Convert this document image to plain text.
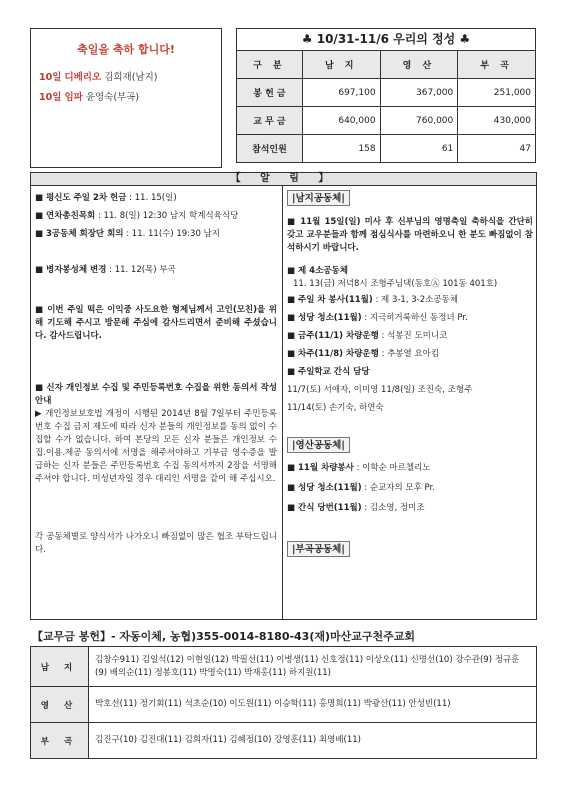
축일을 축하 합니다!
10일 디베리오 김희재(남지)
10일 임파 윤영숙(부곡)
♣ 10/31-11/6 우리의 정성 ♣
구 분	남 지	영 산	부 곡
봉 헌 금	697,100	367,000	251,000
교 무 금	640,000	760,000	430,000
참석인원	158	61	47
【 알 림 】
■ 평신도 주일 2차 헌금 : 11. 15(일)
■ 연차총친목회 : 11. 8(일) 12:30 남지 학계식육식당
■ 3공동체 회장단 회의 : 11. 11(수) 19:30 남지
■ 병자봉성체 변경 : 11. 12(목) 부곡
■ 이번 주일 떡은 이익중 사도요한 형제님께서 고인(모친)을 위해 기도해 주시고 방문해 주심에 감사드리면서 준비해 주셨습니다. 감사드립니다.
■ 신자 개인정보 수집 및 주민등록번호 수집을 위한 동의서 작성 안내
▶ 개인정보보호법 개정이 시행된 2014년 8월 7일부터 주민등록번호 수집 금지 제도에 따라 신자 분들의 개인정보를 동의 없이 수집할 수가 없습니다. 하여 본당의 모든 신자 분들은 개인정보 수집.이용.제공 동의서에 서명을 해주셔야하고 기부금 영수증을 발급하는 신자 분들은 주민등록번호 수집 동의서까지 2장을 서명해 주셔야 합니다. 미성년자일 경우 대리인 서명을 같이 해 주십시오.
각 공동체별로 양식서가 나가오니 빠짐없이 많은 협조 부탁드립니다.
|남지공동체|
■ 11월 15일(일) 미사 후 신부님의 영명축일 축하식을 간단히 갖고 교우분들과 함께 점심식사를 마련하오니 한 분도 빠짐없이 참석하시기 바랍니다.
■ 제 4소공동체
11. 13(금) 저녁8시 조형주님댁(동호Ⓐ 101동 401호)
■ 주일 차 봉사(11월) : 제 3-1, 3-2소공동체
■ 성당 청소(11월) : 지극히거룩하신 동정녀 Pr.
■ 금주(11/1) 차량운행 : 석봉진 도미니코
■ 차주(11/8) 차량운행 : 추봉열 요아킴
■ 주일학교 간식 담당
11/7(토) 서애자, 이미영 11/8(일) 조진숙, 조형주
11/14(토) 손기숙, 하연숙
|영산공동체|
■ 11월 차량봉사 : 이학순 마르첼리노
■ 성당 청소(11월) : 순교자의 모후 Pr.
■ 간식 당번(11월) : 김소영, 정미조
|부곡공동체|
【교무금 봉헌】- 자동이체, 농협)355-0014-8180-43(재)마산교구천주교회
남 지	김창수911) 김일석(12) 이현일(12) 박필선(11) 이병생(11) 신호정(11) 이상오(11) 신명선(10) 강수관(9) 정규훈(9) 배의순(11) 정봉호(11) 박명숙(11) 박재홍(11) 하지원(11)
영 산	박호선(11) 정기회(11) 석초순(10) 이도원(11) 이승학(11) 홍명희(11) 박광산(11) 안성빈(11)
부 곡	김진구(10) 김진대(11) 김희자(11) 김혜정(10) 강영훈(11) 최영배(11)
